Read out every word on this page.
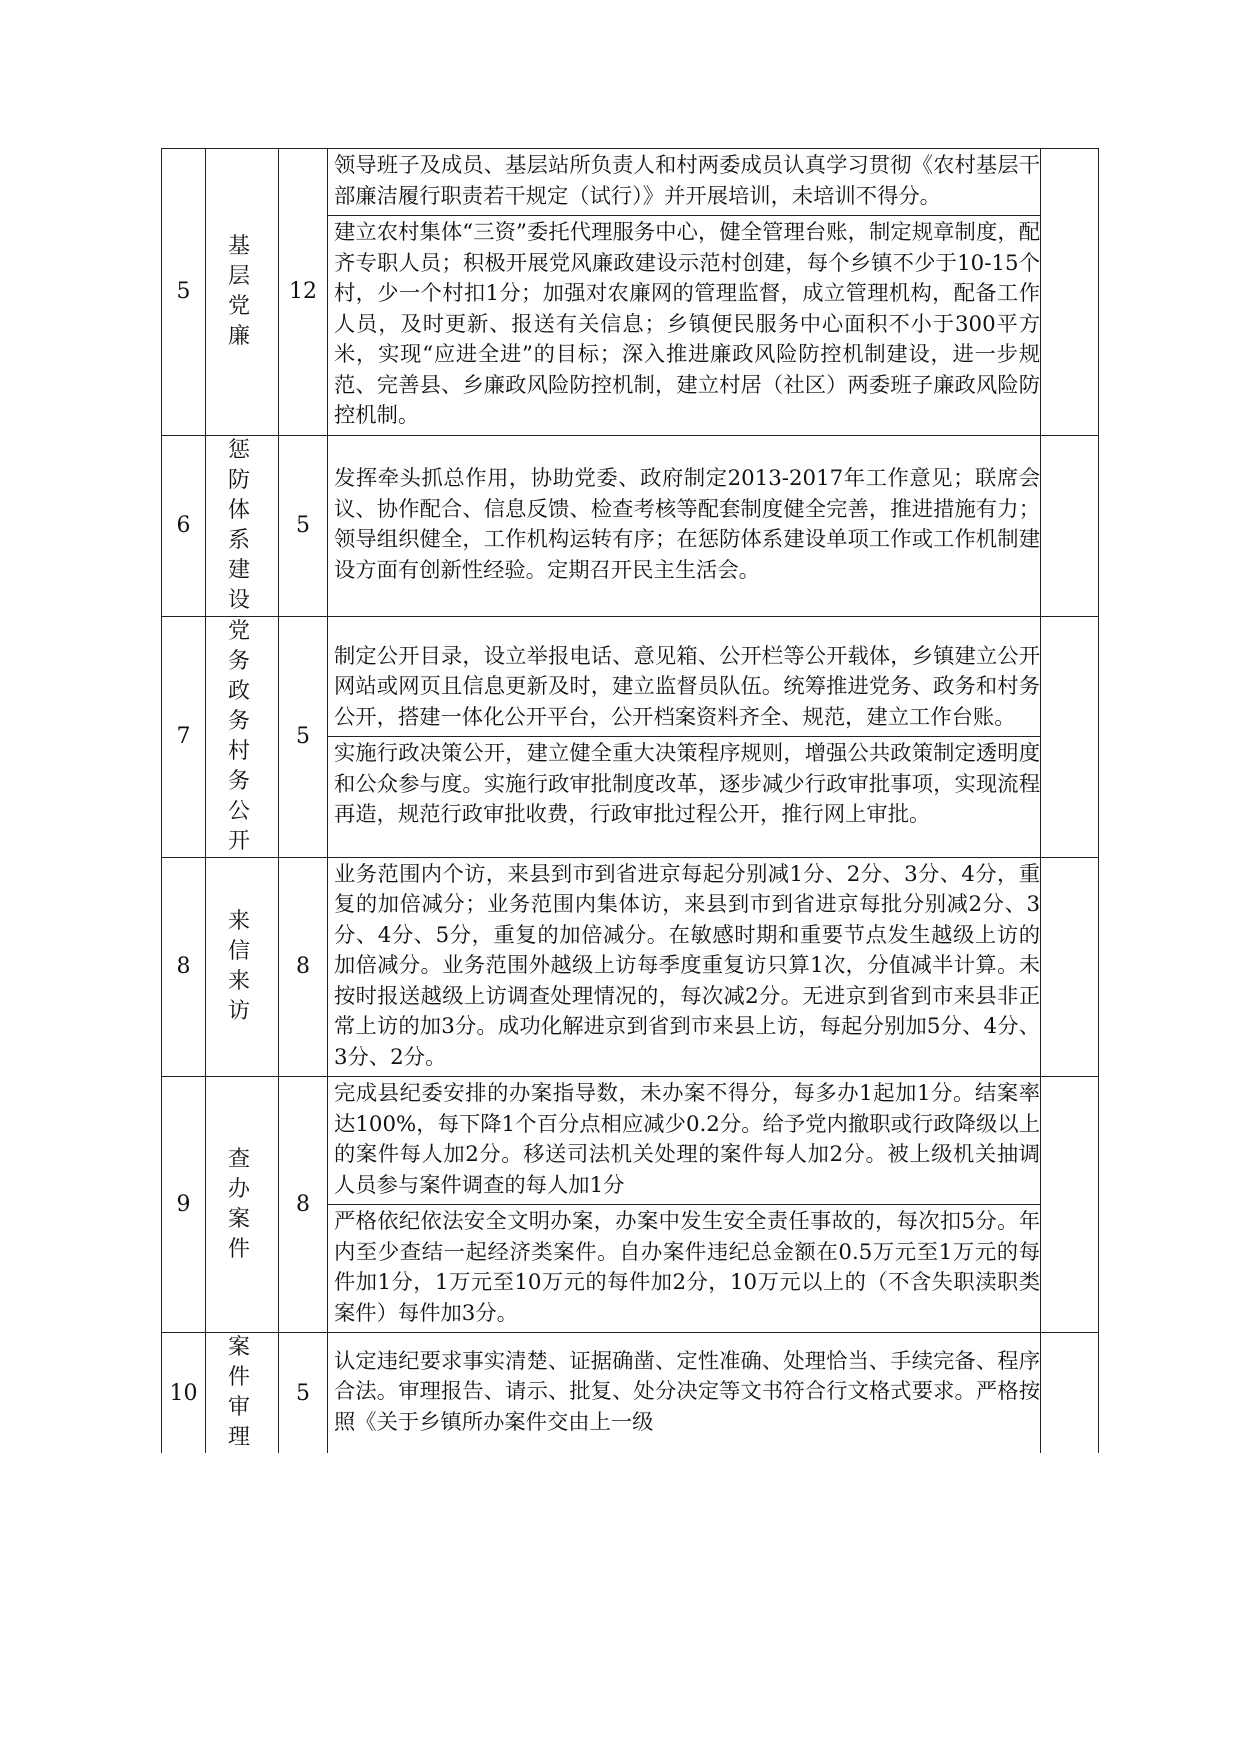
5	基层党廉	12	领导班子及成员、基层站所负责人和村两委成员认真学习贯彻《农村基层干部廉洁履行职责若干规定（试行）》并开展培训，未培训不得分。
建立农村集体“三资”委托代理服务中心，健全管理台账，制定规章制度，配齐专职人员；积极开展党风廉政建设示范村创建，每个乡镇不少于10-15个村，少一个村扣1分；加强对农廉网的管理监督，成立管理机构，配备工作人员，及时更新、报送有关信息；乡镇便民服务中心面积不小于300平方米，实现“应进全进”的目标；深入推进廉政风险防控机制建设，进一步规范、完善县、乡廉政风险防控机制，建立村居（社区）两委班子廉政风险防控机制。	

6	惩防体系建设	5	发挥牵头抓总作用，协助党委、政府制定2013-2017年工作意见；联席会议、协作配合、信息反馈、检查考核等配套制度健全完善，推进措施有力；领导组织健全，工作机构运转有序；在惩防体系建设单项工作或工作机制建设方面有创新性经验。定期召开民主生活会。	

7	党务政务村务公开	5	制定公开目录，设立举报电话、意见箱、公开栏等公开载体，乡镇建立公开网站或网页且信息更新及时，建立监督员队伍。统筹推进党务、政务和村务公开，搭建一体化公开平台，公开档案资料齐全、规范，建立工作台账。
实施行政决策公开，建立健全重大决策程序规则，增强公共政策制定透明度和公众参与度。实施行政审批制度改革，逐步减少行政审批事项，实现流程再造，规范行政审批收费，行政审批过程公开，推行网上审批。	

8	来信来访	8	业务范围内个访，来县到市到省进京每起分别减1分、2分、3分、4分，重复的加倍减分；业务范围内集体访，来县到市到省进京每批分别减2分、3分、4分、5分，重复的加倍减分。在敏感时期和重要节点发生越级上访的加倍减分。业务范围外越级上访每季度重复访只算1次，分值减半计算。未按时报送越级上访调查处理情况的，每次减2分。无进京到省到市来县非正常上访的加3分。成功化解进京到省到市来县上访，每起分别加5分、4分、3分、2分。	

9	查办案件	8	完成县纪委安排的办案指导数，未办案不得分，每多办1起加1分。结案率达100%，每下降1个百分点相应减少0.2分。给予党内撤职或行政降级以上的案件每人加2分。移送司法机关处理的案件每人加2分。被上级机关抽调人员参与案件调查的每人加1分
严格依纪依法安全文明办案，办案中发生安全责任事故的，每次扣5分。年内至少查结一起经济类案件。自办案件违纪总金额在0.5万元至1万元的每件加1分，1万元至10万元的每件加2分，10万元以上的（不含失职渎职类案件）每件加3分。	

10	案件审理	5	认定违纪要求事实清楚、证据确凿、定性准确、处理恰当、手续完备、程序合法。审理报告、请示、批复、处分决定等文书符合行文格式要求。严格按照《关于乡镇所办案件交由上一级	
